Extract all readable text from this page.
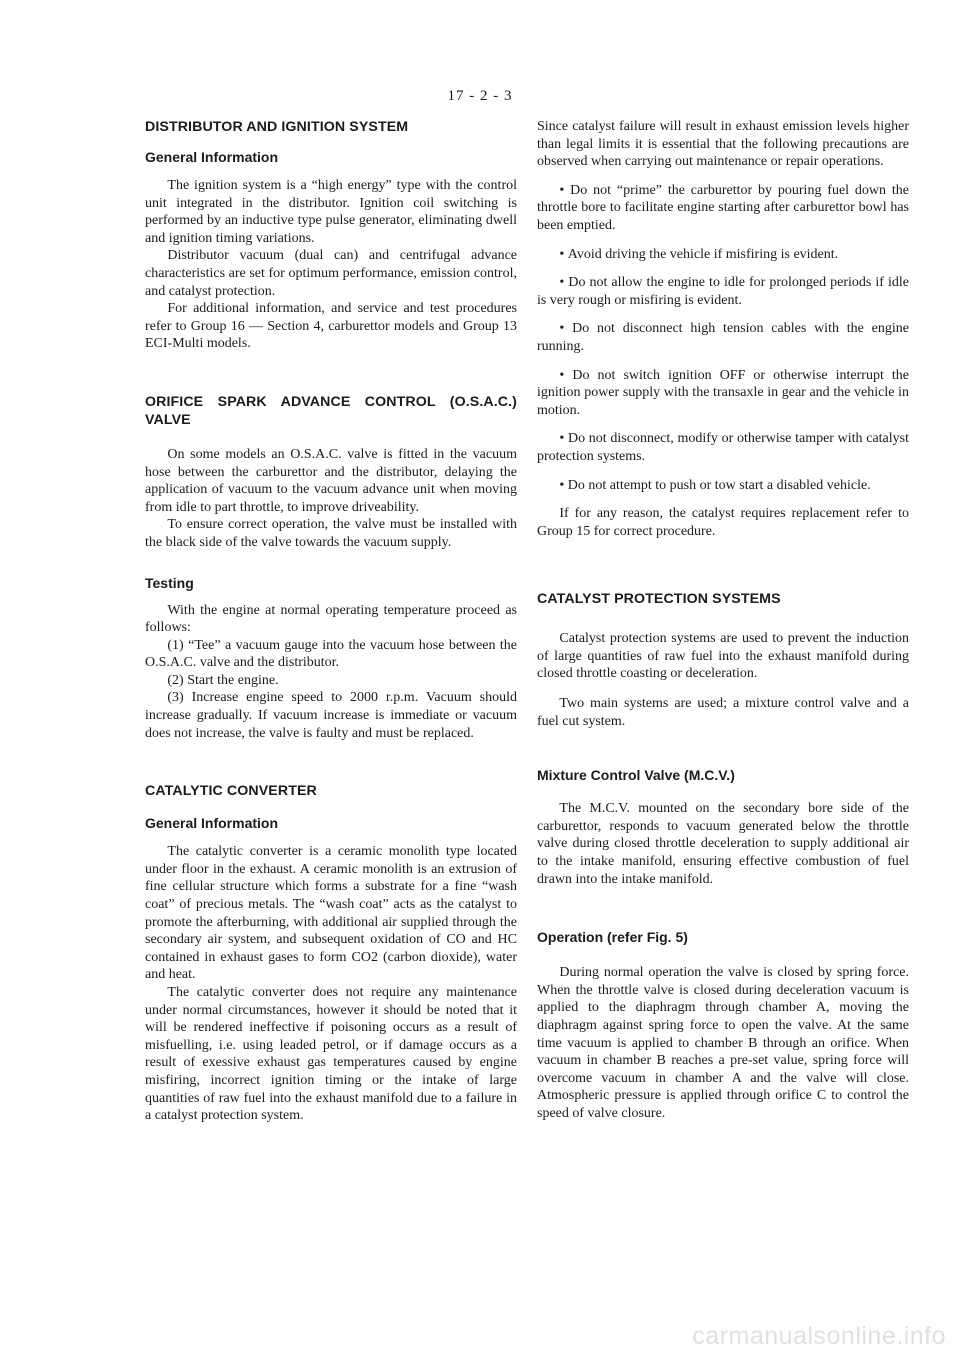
17 - 2 - 3
DISTRIBUTOR AND IGNITION SYSTEM
General Information

The ignition system is a “high energy” type with the control unit integrated in the distributor. Ignition coil switching is performed by an inductive type pulse generator, eliminating dwell and ignition timing variations.

Distributor vacuum (dual can) and centrifugal advance characteristics are set for optimum performance, emission control, and catalyst protection.

For additional information, and service and test procedures refer to Group 16 — Section 4, carburettor models and Group 13 ECI-Multi models.

ORIFICE SPARK ADVANCE CONTROL (O.S.A.C.) VALVE

On some models an O.S.A.C. valve is fitted in the vacuum hose between the carburettor and the distributor, delaying the application of vacuum to the vacuum advance unit when moving from idle to part throttle, to improve driveability.

To ensure correct operation, the valve must be installed with the black side of the valve towards the vacuum supply.

Testing

With the engine at normal operating temperature proceed as follows:

(1) “Tee” a vacuum gauge into the vacuum hose between the O.S.A.C. valve and the distributor.

(2) Start the engine.

(3) Increase engine speed to 2000 r.p.m. Vacuum should increase gradually. If vacuum increase is immediate or vacuum does not increase, the valve is faulty and must be replaced.

CATALYTIC CONVERTER
General Information

The catalytic converter is a ceramic monolith type located under floor in the exhaust. A ceramic monolith is an extrusion of fine cellular structure which forms a substrate for a fine “wash coat” of precious metals. The “wash coat” acts as the catalyst to promote the afterburning, with additional air supplied through the secondary air system, and subsequent oxidation of CO and HC contained in exhaust gases to form CO2 (carbon dioxide), water and heat.

The catalytic converter does not require any maintenance under normal circumstances, however it should be noted that it will be rendered ineffective if poisoning occurs as a result of misfuelling, i.e. using leaded petrol, or if damage occurs as a result of exessive exhaust gas temperatures caused by engine misfiring, incorrect ignition timing or the intake of large quantities of raw fuel into the exhaust manifold due to a failure in a catalyst protection system.

Since catalyst failure will result in exhaust emission levels higher than legal limits it is essential that the following precautions are observed when carrying out maintenance or repair operations.

• Do not “prime” the carburettor by pouring fuel down the throttle bore to facilitate engine starting after carburettor bowl has been emptied.

• Avoid driving the vehicle if misfiring is evident.

• Do not allow the engine to idle for prolonged periods if idle is very rough or misfiring is evident.

• Do not disconnect high tension cables with the engine running.

• Do not switch ignition OFF or otherwise interrupt the ignition power supply with the transaxle in gear and the vehicle in motion.

• Do not disconnect, modify or otherwise tamper with catalyst protection systems.

• Do not attempt to push or tow start a disabled vehicle.

If for any reason, the catalyst requires replacement refer to Group 15 for correct procedure.

CATALYST PROTECTION SYSTEMS

Catalyst protection systems are used to prevent the induction of large quantities of raw fuel into the exhaust manifold during closed throttle coasting or deceleration.

Two main systems are used; a mixture control valve and a fuel cut system.

Mixture Control Valve (M.C.V.)

The M.C.V. mounted on the secondary bore side of the carburettor, responds to vacuum generated below the throttle valve during closed throttle deceleration to supply additional air to the intake manifold, ensuring effective combustion of fuel drawn into the intake manifold.

Operation (refer Fig. 5)

During normal operation the valve is closed by spring force. When the throttle valve is closed during deceleration vacuum is applied to the diaphragm through chamber A, moving the diaphragm against spring force to open the valve. At the same time vacuum is applied to chamber B through an orifice. When vacuum in chamber B reaches a pre-set value, spring force will overcome vacuum in chamber A and the valve will close. Atmospheric pressure is applied through orifice C to control the speed of valve closure.

carmanualsonline.info
